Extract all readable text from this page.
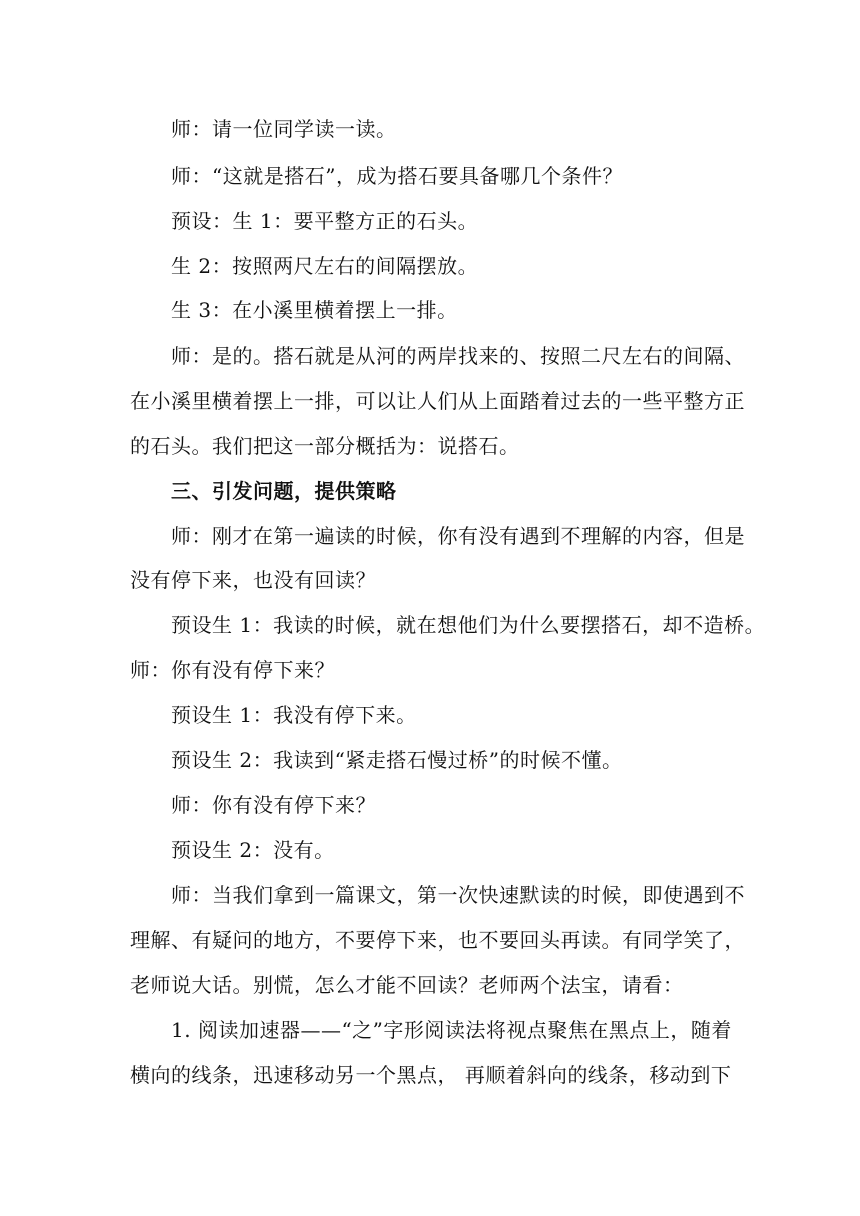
师：请一位同学读一读。
师：“这就是搭石”，成为搭石要具备哪几个条件？
预设：生 1：要平整方正的石头。
生 2：按照两尺左右的间隔摆放。
生 3：在小溪里横着摆上一排。
师：是的。搭石就是从河的两岸找来的、按照二尺左右的间隔、
在小溪里横着摆上一排，可以让人们从上面踏着过去的一些平整方正
的石头。我们把这一部分概括为：说搭石。
三、引发问题，提供策略
师：刚才在第一遍读的时候，你有没有遇到不理解的内容，但是
没有停下来，也没有回读？
预设生 1：我读的时候，就在想他们为什么要摆搭石，却不造桥。
师：你有没有停下来？
预设生 1：我没有停下来。
预设生 2：我读到“紧走搭石慢过桥”的时候不懂。
师：你有没有停下来？
预设生 2：没有。
师：当我们拿到一篇课文，第一次快速默读的时候，即使遇到不
理解、有疑问的地方，不要停下来，也不要回头再读。有同学笑了，
老师说大话。别慌，怎么才能不回读？老师两个法宝，请看：
1. 阅读加速器——“之”字形阅读法将视点聚焦在黑点上，随着
横向的线条，迅速移动另一个黑点， 再顺着斜向的线条，移动到下
